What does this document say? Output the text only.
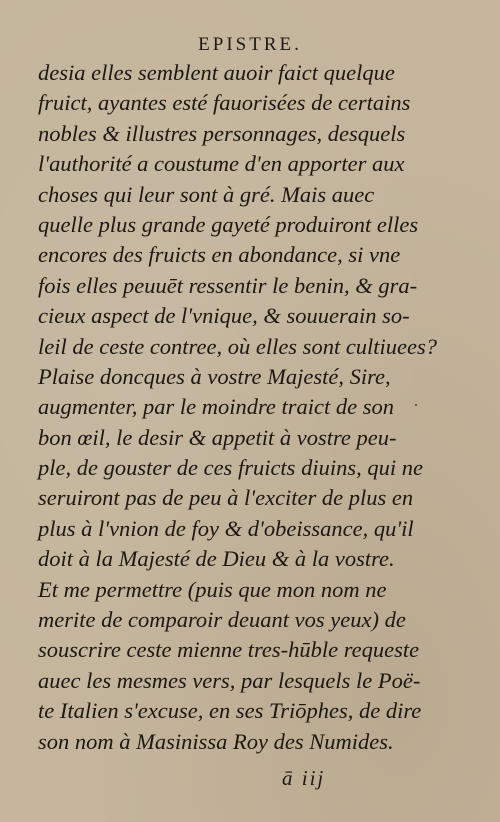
EPISTRE.
desia elles semblent auoir faict quelque
fruict, ayantes esté fauorisées de certains
nobles & illustres personnages, desquels
l'authorité a coustume d'en apporter aux
choses qui leur sont à gré. Mais auec
quelle plus grande gayeté produiront elles
encores des fruicts en abondance, si vne
fois elles peuuēt ressentir le benin, & gra-
cieux aspect de l'vnique, & souuerain so-
leil de ceste contree, où elles sont cultiuees?
Plaise doncques à vostre Majesté, Sire,
augmenter, par le moindre traict de son
bon œil, le desir & appetit à vostre peu-
ple, de gouster de ces fruicts diuins, qui ne
seruiront pas de peu à l'exciter de plus en
plus à l'vnion de foy & d'obeissance, qu'il
doit à la Majesté de Dieu & à la vostre.
Et me permettre (puis que mon nom ne
merite de comparoir deuant vos yeux) de
souscrire ceste mienne tres-hūble requeste
auec les mesmes vers, par lesquels le Poë-
te Italien s'excuse, en ses Triōphes, de dire
son nom à Masinissa Roy des Numides.
ā iij
